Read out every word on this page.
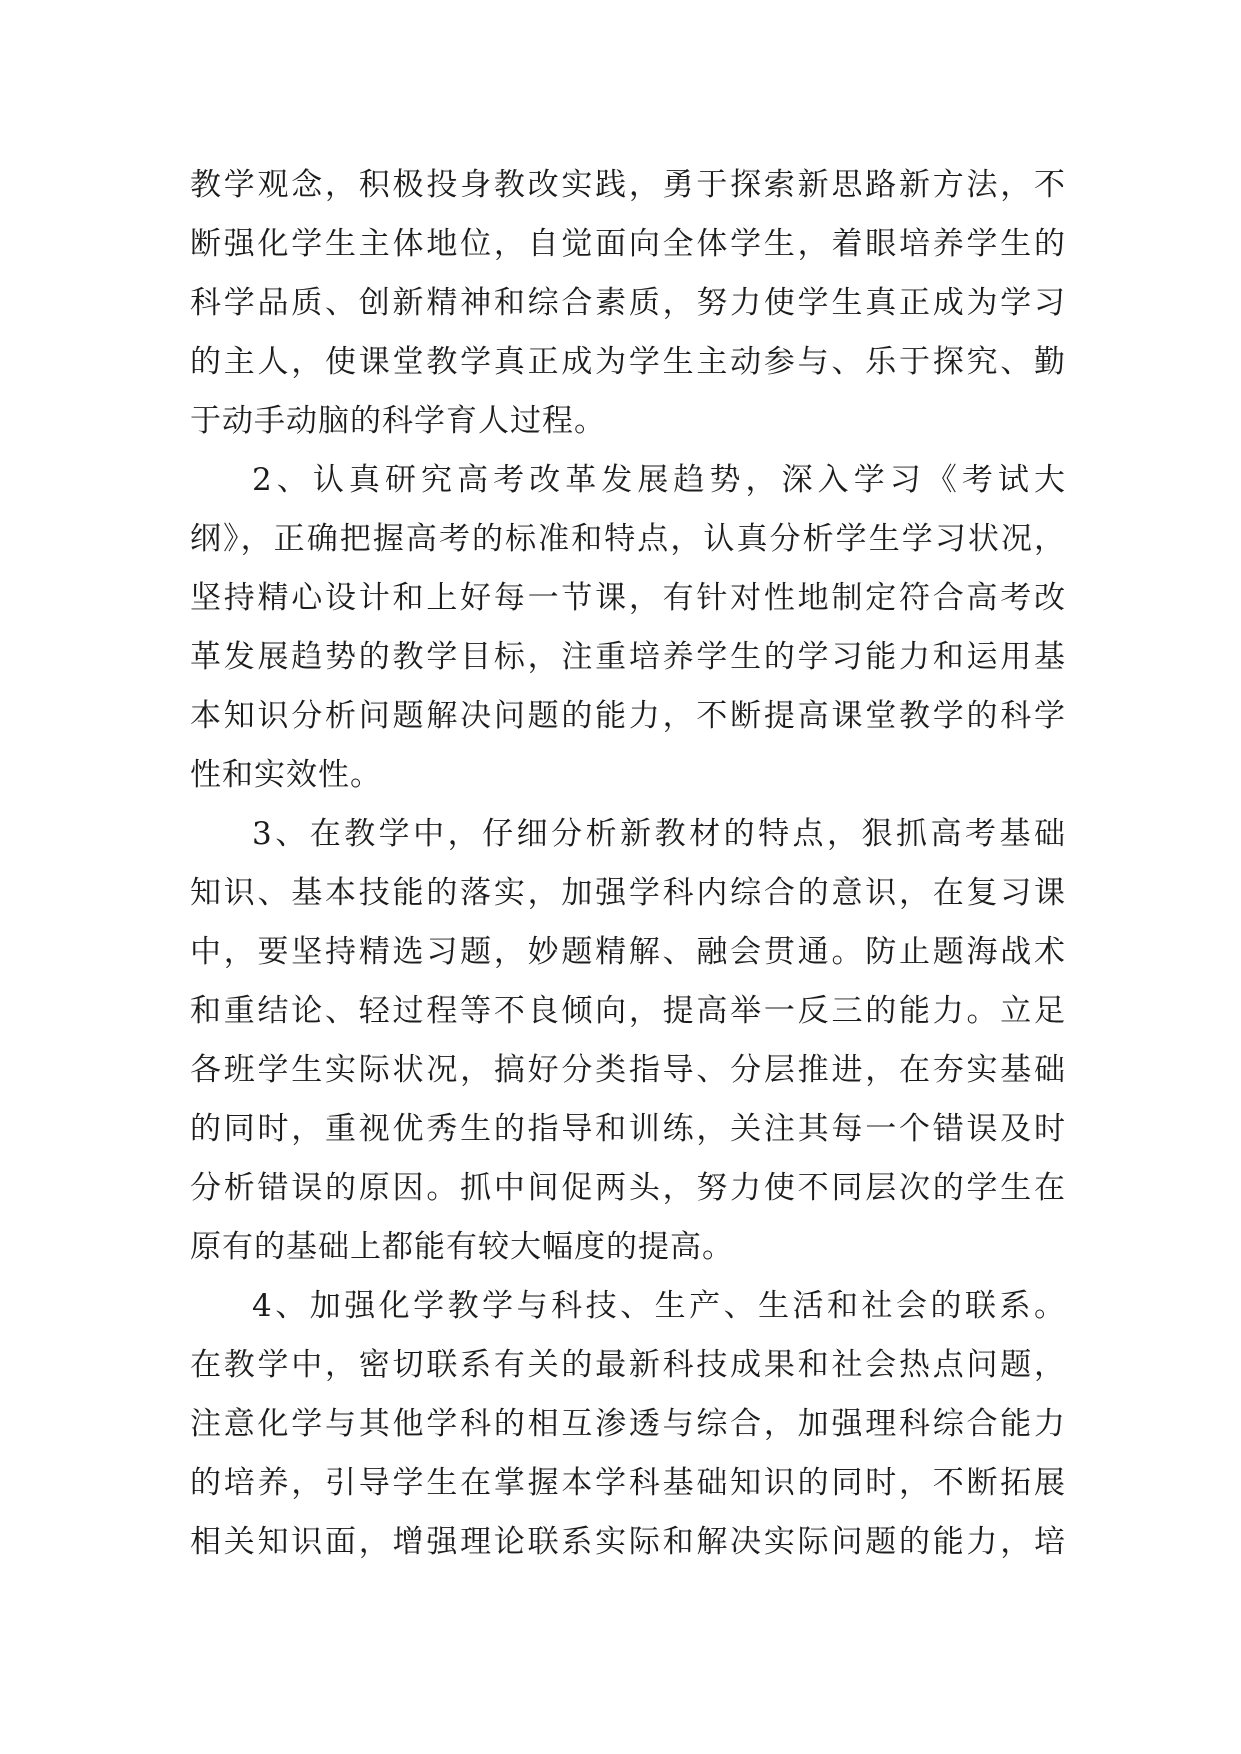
教学观念，积极投身教改实践，勇于探索新思路新方法，不
断强化学生主体地位，自觉面向全体学生，着眼培养学生的
科学品质、创新精神和综合素质，努力使学生真正成为学习
的主人，使课堂教学真正成为学生主动参与、乐于探究、勤
于动手动脑的科学育人过程。
2、认真研究高考改革发展趋势，深入学习《考试大
纲》，正确把握高考的标准和特点，认真分析学生学习状况，
坚持精心设计和上好每一节课，有针对性地制定符合高考改
革发展趋势的教学目标，注重培养学生的学习能力和运用基
本知识分析问题解决问题的能力，不断提高课堂教学的科学
性和实效性。
3、在教学中，仔细分析新教材的特点，狠抓高考基础
知识、基本技能的落实，加强学科内综合的意识，在复习课
中，要坚持精选习题，妙题精解、融会贯通。防止题海战术
和重结论、轻过程等不良倾向，提高举一反三的能力。立足
各班学生实际状况，搞好分类指导、分层推进，在夯实基础
的同时，重视优秀生的指导和训练，关注其每一个错误及时
分析错误的原因。抓中间促两头，努力使不同层次的学生在
原有的基础上都能有较大幅度的提高。
4、加强化学教学与科技、生产、生活和社会的联系。
在教学中，密切联系有关的最新科技成果和社会热点问题，
注意化学与其他学科的相互渗透与综合，加强理科综合能力
的培养，引导学生在掌握本学科基础知识的同时，不断拓展
相关知识面，增强理论联系实际和解决实际问题的能力，培
